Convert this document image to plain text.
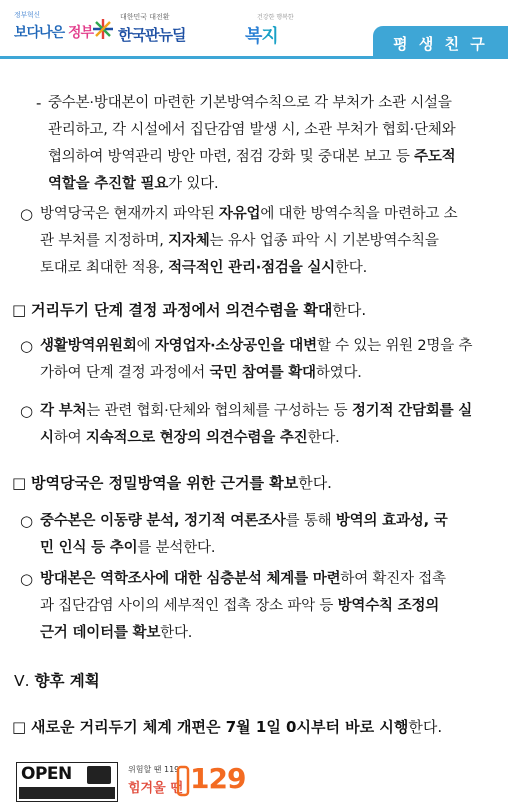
정부혁신
보다나은 정부
대한민국 대전환
한국판뉴딜
건강한 행복한
복지	평 생 친 구
- 중수본·방대본이 마련한 기본방역수칙으로 각 부처가 소관 시설을
관리하고, 각 시설에서 집단감염 발생 시, 소관 부처가 협회·단체와
협의하여 방역관리 방안 마련, 점검 강화 및 중대본 보고 등 주도적
역할을 추진할 필요가 있다.
○ 방역당국은 현재까지 파악된 자유업에 대한 방역수칙을 마련하고 소
관 부처를 지정하며, 지자체는 유사 업종 파악 시 기본방역수칙을
토대로 최대한 적용, 적극적인 관리·점검을 실시한다.
□ 거리두기 단계 결정 과정에서 의견수렴을 확대한다.
○ 생활방역위원회에 자영업자·소상공인을 대변할 수 있는 위원 2명을 추
가하여 단계 결정 과정에서 국민 참여를 확대하였다.
○ 각 부처는 관련 협회·단체와 협의체를 구성하는 등 정기적 간담회를 실
시하여 지속적으로 현장의 의견수렴을 추진한다.
□ 방역당국은 정밀방역을 위한 근거를 확보한다.
○ 중수본은 이동량 분석, 정기적 여론조사를 통해 방역의 효과성, 국
민 인식 등 추이를 분석한다.
○ 방대본은 역학조사에 대한 심층분석 체계를 마련하여 확진자 접촉
과 집단감염 사이의 세부적인 접촉 장소 파악 등 방역수칙 조정의
근거 데이터를 확보한다.
Ⅴ. 향후 계획
□ 새로운 거리두기 체계 개편은 7월 1일 0시부터 바로 시행한다.
OPEN	위험할 땐 119
힘겨울 땐 129
